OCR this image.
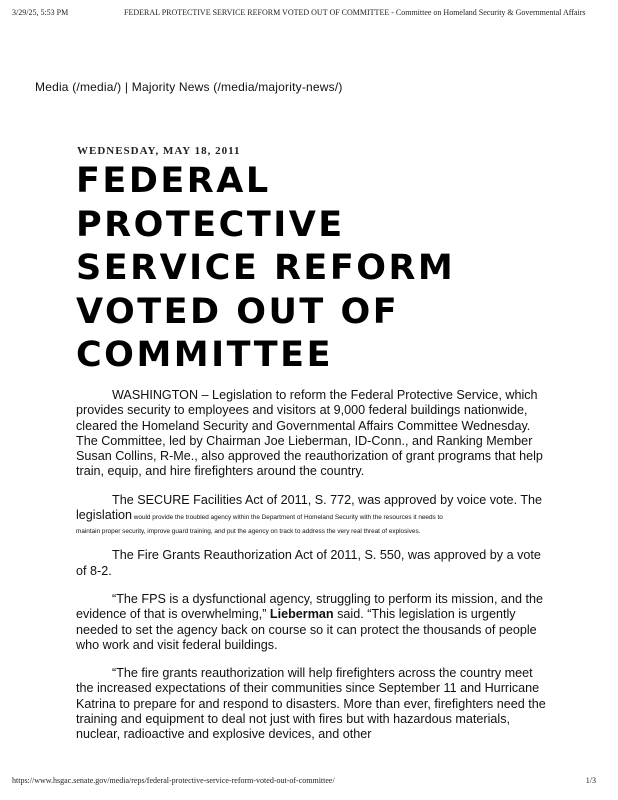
3/29/25, 5:53 PM	FEDERAL PROTECTIVE SERVICE REFORM VOTED OUT OF COMMITTEE - Committee on Homeland Security & Governmental Affairs
Media (/media/) | Majority News (/media/majority-news/)
WEDNESDAY, MAY 18, 2011
FEDERAL
PROTECTIVE
SERVICE REFORM
VOTED OUT OF
COMMITTEE

WASHINGTON – Legislation to reform the Federal Protective Service, which provides security to employees and visitors at 9,000 federal buildings nationwide, cleared the Homeland Security and Governmental Affairs Committee Wednesday. The Committee, led by Chairman Joe Lieberman, ID-Conn., and Ranking Member Susan Collins, R-Me., also approved the reauthorization of grant programs that help train, equip, and hire firefighters around the country.

The SECURE Facilities Act of 2011, S. 772, was approved by voice vote. The legislation would provide the troubled agency within the Department of Homeland Security with the resources it needs to
maintain proper security, improve guard training, and put the agency on track to address the very real threat of explosives.

The Fire Grants Reauthorization Act of 2011, S. 550, was approved by a vote of 8-2.

“The FPS is a dysfunctional agency, struggling to perform its mission, and the evidence of that is overwhelming,” Lieberman said. “This legislation is urgently needed to set the agency back on course so it can protect the thousands of people who work and visit federal buildings.

“The fire grants reauthorization will help firefighters across the country meet the increased expectations of their communities since September 11 and Hurricane Katrina to prepare for and respond to disasters. More than ever, firefighters need the training and equipment to deal not just with fires but with hazardous materials, nuclear, radioactive and explosive devices, and other

https://www.hsgac.senate.gov/media/reps/federal-protective-service-reform-voted-out-of-committee/	1/3
